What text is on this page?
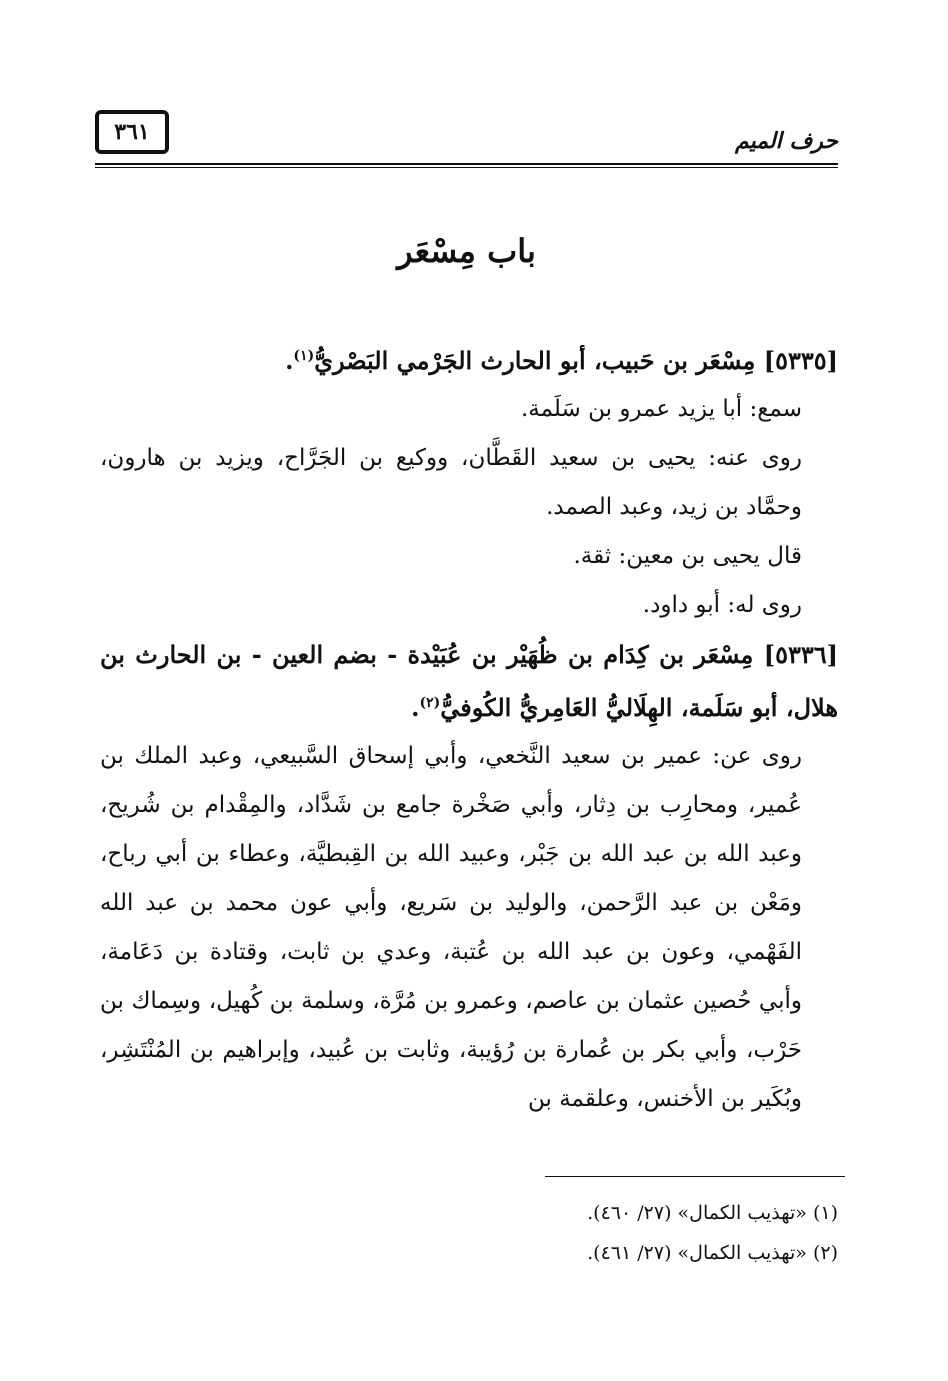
حرف الميم
٣٦١
باب مِسْعَر

[٥٣٣٥] مِسْعَر بن حَبيب، أبو الحارث الجَرْمي البَصْريُّ$^{(١)}$.

سمع: أبا يزيد عمرو بن سَلَمة.

روى عنه: يحيى بن سعيد القَطَّان، ووكيع بن الجَرَّاح، ويزيد بن هارون، وحمَّاد بن زيد، وعبد الصمد.

قال يحيى بن معين: ثقة.

روى له: أبو داود.

[٥٣٣٦] مِسْعَر بن كِدَام بن ظُهَيْر بن عُبَيْدة - بضم العين - بن الحارث بن هلال، أبو سَلَمة، الهِلَاليُّ العَامِريُّ الكُوفيُّ$^{(٢)}$.

روى عن: عمير بن سعيد النَّخعي، وأبي إسحاق السَّبيعي، وعبد الملك بن عُمير، ومحارِب بن دِثار، وأبي صَخْرة جامع بن شَدَّاد، والمِقْدام بن شُريح، وعبد الله بن عبد الله بن جَبْر، وعبيد الله بن القِبطيَّة، وعطاء بن أبي رباح، ومَعْن بن عبد الرَّحمن، والوليد بن سَريع، وأبي عون محمد بن عبد الله الفَهْمي، وعون بن عبد الله بن عُتبة، وعدي بن ثابت، وقتادة بن دَعَامة، وأبي حُصين عثمان بن عاصم، وعمرو بن مُرَّة، وسلمة بن كُهيل، وسِماك بن حَرْب، وأبي بكر بن عُمارة بن رُؤيبة، وثابت بن عُبيد، وإبراهيم بن المُنْتَشِر، وبُكَير بن الأخنس، وعلقمة بن

(١) «تهذيب الكمال» (٢٧/ ٤٦٠).

(٢) «تهذيب الكمال» (٢٧/ ٤٦١).
